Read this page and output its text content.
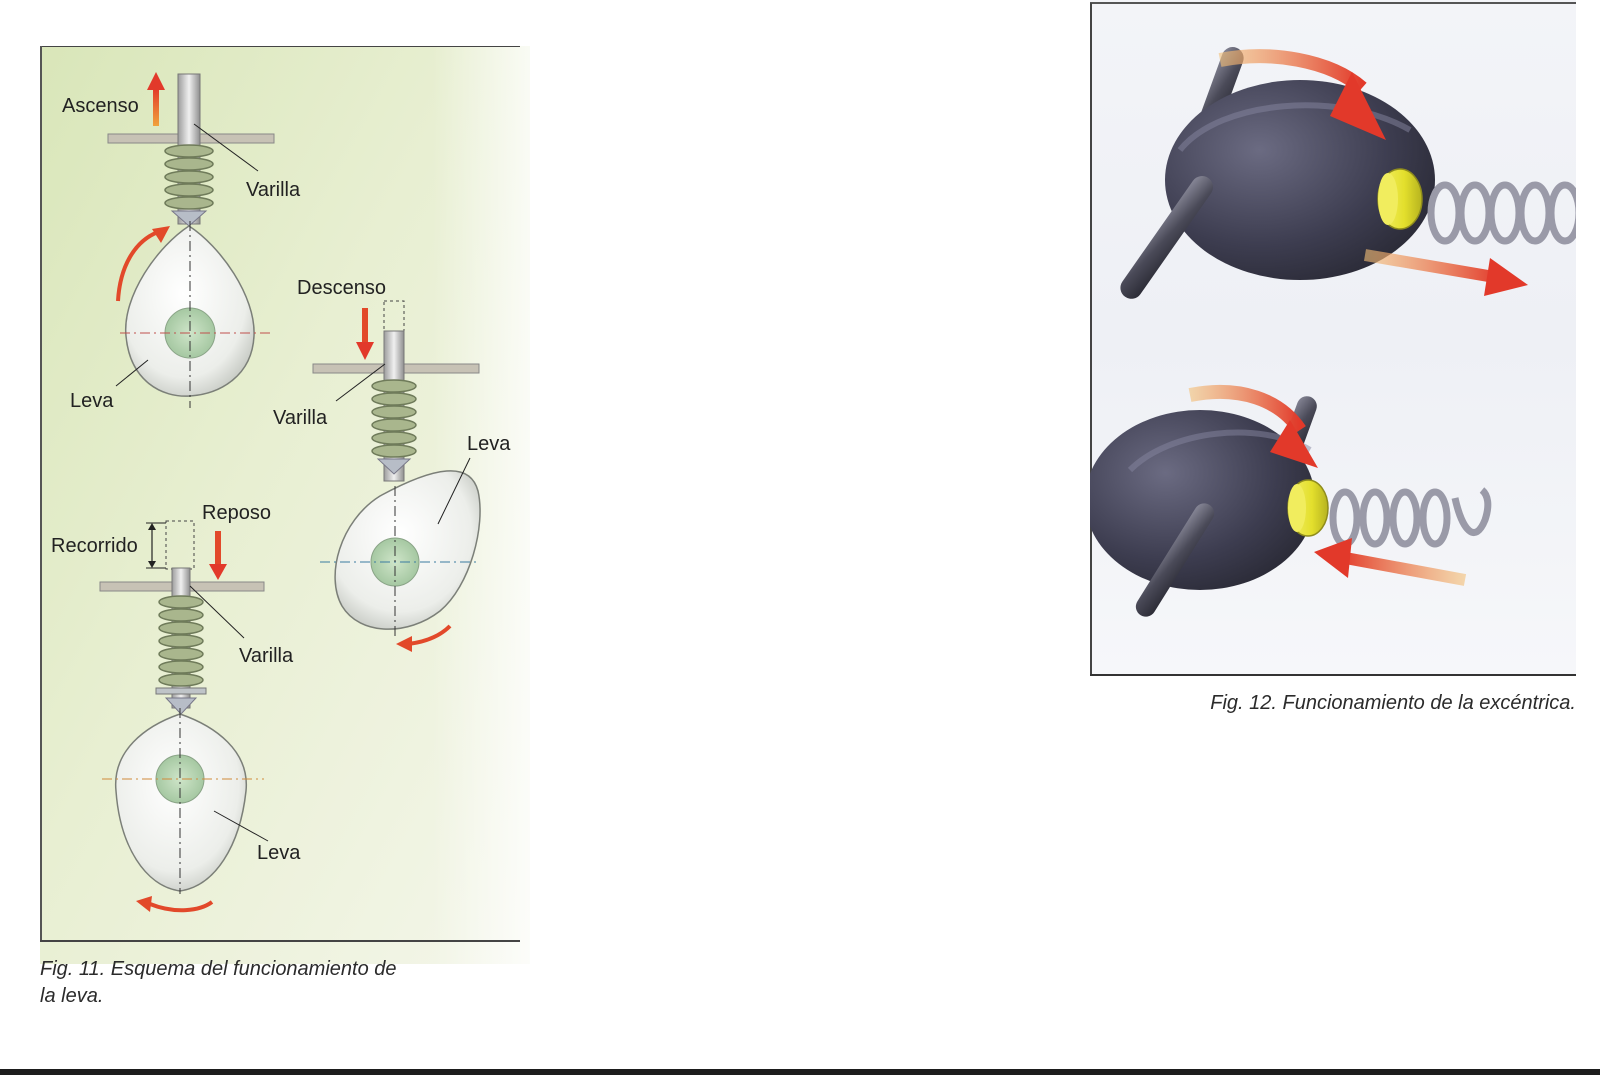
Ascenso
Varilla
Leva
Descenso
Varilla
Leva
Reposo
Recorrido
Varilla
Leva
Fig. 11. Esquema del funcionamiento de
la leva.
Fig. 12. Funcionamiento de la excéntrica.
